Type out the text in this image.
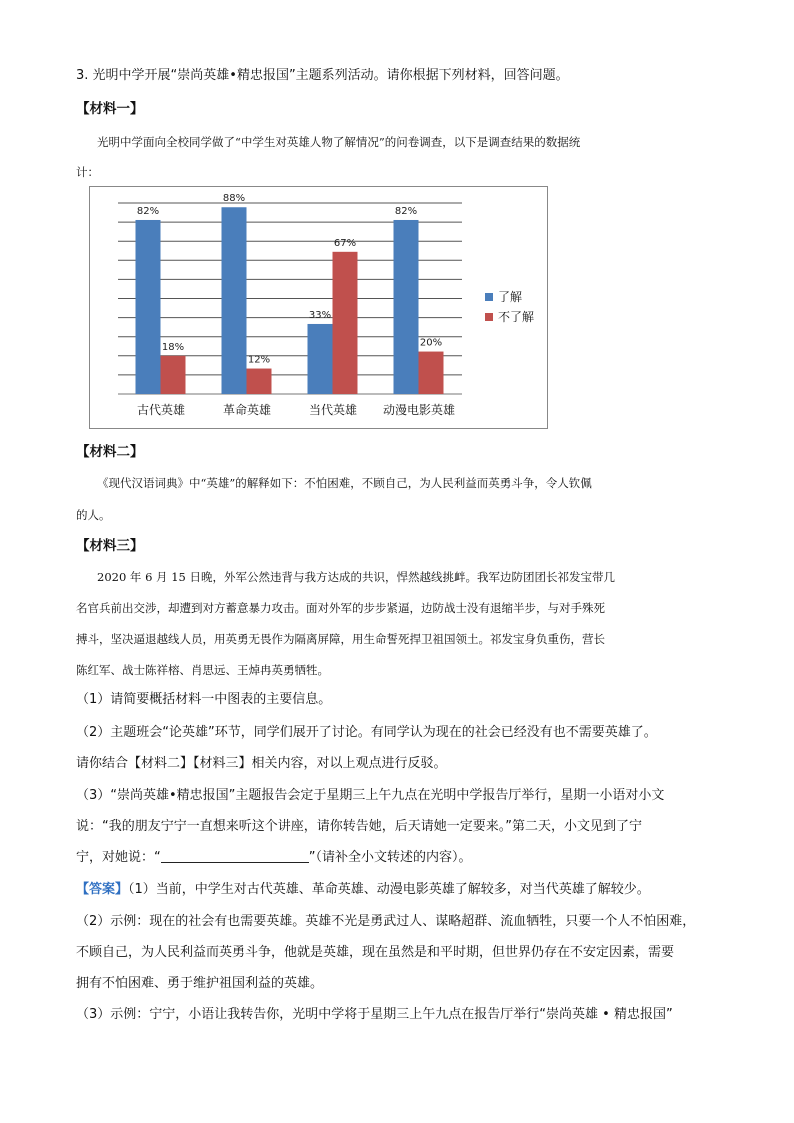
3. 光明中学开展“崇尚英雄•精忠报国”主题系列活动。请你根据下列材料，回答问题。
【材料一】
光明中学面向全校同学做了“中学生对英雄人物了解情况”的问卷调查，以下是调查结果的数据统
计：
82%
18%
古代英雄
88%
12%
革命英雄
33%
67%
当代英雄
82%
20%
动漫电影英雄
了解
不了解
【材料二】
《现代汉语词典》中“英雄”的解释如下：不怕困难，不顾自己，为人民利益而英勇斗争，令人钦佩
的人。
【材料三】
2020 年 6 月 15 日晚，外军公然违背与我方达成的共识，悍然越线挑衅。我军边防团团长祁发宝带几
名官兵前出交涉，却遭到对方蓄意暴力攻击。面对外军的步步紧逼，边防战士没有退缩半步，与对手殊死
搏斗，坚决逼退越线人员，用英勇无畏作为隔离屏障，用生命誓死捍卫祖国领土。祁发宝身负重伤，营长
陈红军、战士陈祥榕、肖思远、王焯冉英勇牺牲。
（1）请简要概括材料一中图表的主要信息。
（2）主题班会“论英雄”环节，同学们展开了讨论。有同学认为现在的社会已经没有也不需要英雄了。
请你结合【材料二】【材料三】相关内容，对以上观点进行反驳。
（3）“崇尚英雄•精忠报国”主题报告会定于星期三上午九点在光明中学报告厅举行，星期一小语对小文
说：“我的朋友宁宁一直想来听这个讲座，请你转告她，后天请她一定要来。”第二天，小文见到了宁
宁，对她说：“	”（请补全小文转述的内容）。
【答案】（1）当前，中学生对古代英雄、革命英雄、动漫电影英雄了解较多，对当代英雄了解较少。
（2）示例：现在的社会有也需要英雄。英雄不光是勇武过人、谋略超群、流血牺牲，只要一个人不怕困难，
不顾自己，为人民利益而英勇斗争，他就是英雄，现在虽然是和平时期，但世界仍存在不安定因素，需要
拥有不怕困难、勇于维护祖国利益的英雄。
（3）示例：宁宁，小语让我转告你，光明中学将于星期三上午九点在报告厅举行“崇尚英雄 • 精忠报国”
